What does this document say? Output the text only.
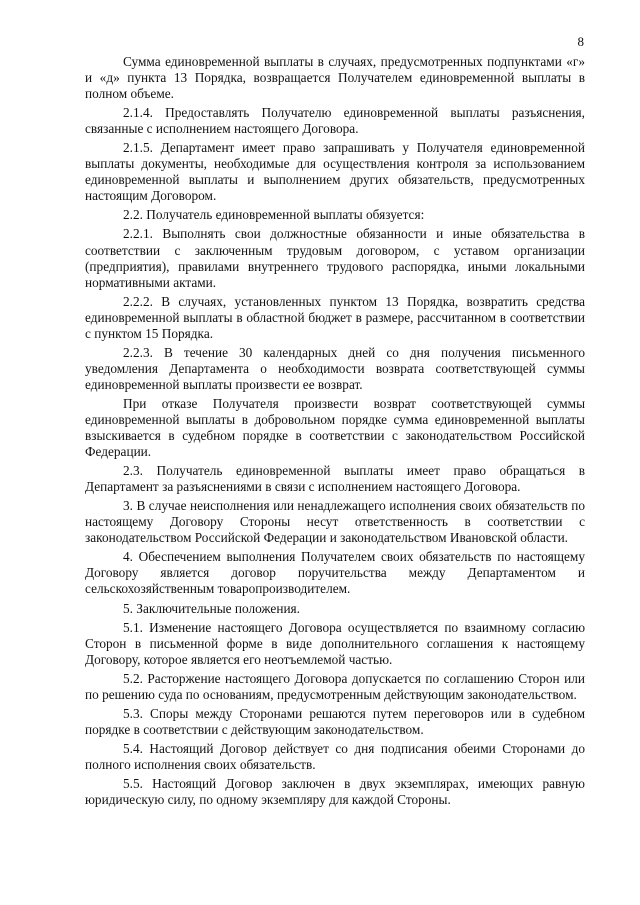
8

Сумма единовременной выплаты в случаях, предусмотренных подпунктами «г» и «д» пункта 13 Порядка, возвращается Получателем единовременной выплаты в полном объеме.

2.1.4. Предоставлять Получателю единовременной выплаты разъяснения, связанные с исполнением настоящего Договора.

2.1.5. Департамент имеет право запрашивать у Получателя единовременной выплаты документы, необходимые для осуществления контроля за использованием единовременной выплаты и выполнением других обязательств, предусмотренных настоящим Договором.

2.2. Получатель единовременной выплаты обязуется:

2.2.1. Выполнять свои должностные обязанности и иные обязательства в соответствии с заключенным трудовым договором, с уставом организации (предприятия), правилами внутреннего трудового распорядка, иными локальными нормативными актами.

2.2.2. В случаях, установленных пунктом 13 Порядка, возвратить средства единовременной выплаты в областной бюджет в размере, рассчитанном в соответствии с пунктом 15 Порядка.

2.2.3. В течение 30 календарных дней со дня получения письменного уведомления Департамента о необходимости возврата соответствующей суммы единовременной выплаты произвести ее возврат.

При отказе Получателя произвести возврат соответствующей суммы единовременной выплаты в добровольном порядке сумма единовременной выплаты взыскивается в судебном порядке в соответствии с законодательством Российской Федерации.

2.3. Получатель единовременной выплаты имеет право обращаться в Департамент за разъяснениями в связи с исполнением настоящего Договора.

3. В случае неисполнения или ненадлежащего исполнения своих обязательств по настоящему Договору Стороны несут ответственность в соответствии с законодательством Российской Федерации и законодательством Ивановской области.

4. Обеспечением выполнения Получателем своих обязательств по настоящему Договору является договор поручительства между Департаментом и сельскохозяйственным товаропроизводителем.

5. Заключительные положения.

5.1. Изменение настоящего Договора осуществляется по взаимному согласию Сторон в письменной форме в виде дополнительного соглашения к настоящему Договору, которое является его неотъемлемой частью.

5.2. Расторжение настоящего Договора допускается по соглашению Сторон или по решению суда по основаниям, предусмотренным действующим законодательством.

5.3. Споры между Сторонами решаются путем переговоров или в судебном порядке в соответствии с действующим законодательством.

5.4. Настоящий Договор действует со дня подписания обеими Сторонами до полного исполнения своих обязательств.

5.5. Настоящий Договор заключен в двух экземплярах, имеющих равную юридическую силу, по одному экземпляру для каждой Стороны.
